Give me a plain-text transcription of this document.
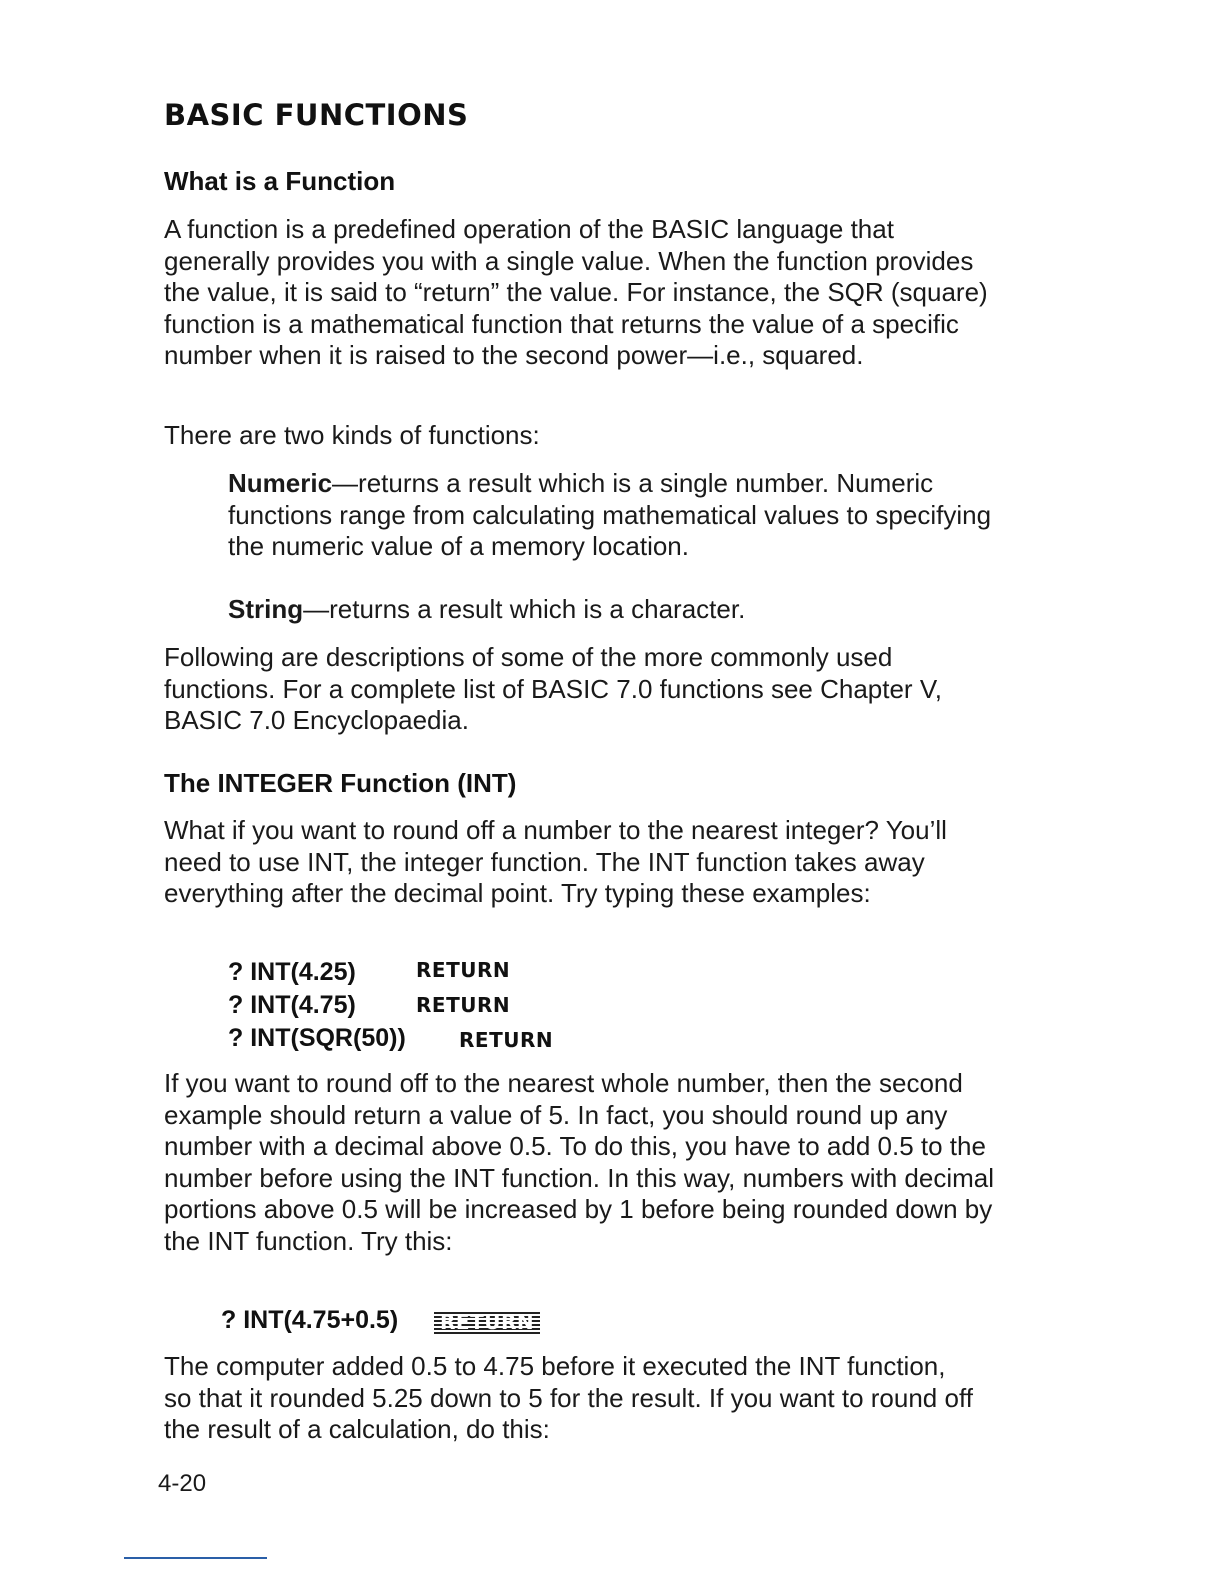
BASIC FUNCTIONS
What is a Function

A function is a predefined operation of the BASIC language that generally provides you with a single value. When the function provides the value, it is said to “return” the value. For instance, the SQR (square) function is a mathematical function that returns the value of a specific number when it is raised to the second power—i.e., squared.

There are two kinds of functions:

Numeric—returns a result which is a single number. Numeric functions range from calculating mathematical values to specifying the numeric value of a memory location.

String—returns a result which is a character.

Following are descriptions of some of the more commonly used functions. For a complete list of BASIC 7.0 functions see Chapter V, BASIC 7.0 Encyclopaedia.

The INTEGER Function (INT)

What if you want to round off a number to the nearest integer? You’ll need to use INT, the integer function. The INT function takes away everything after the decimal point. Try typing these examples:

? INT(4.25)	RETURN
? INT(4.75)	RETURN
? INT(SQR(50))	RETURN

If you want to round off to the nearest whole number, then the second example should return a value of 5. In fact, you should round up any number with a decimal above 0.5. To do this, you have to add 0.5 to the number before using the INT function. In this way, numbers with decimal portions above 0.5 will be increased by 1 before being rounded down by the INT function. Try this:

? INT(4.75+0.5)	RETURN

The computer added 0.5 to 4.75 before it executed the INT function, so that it rounded 5.25 down to 5 for the result. If you want to round off the result of a calculation, do this:

4-20
